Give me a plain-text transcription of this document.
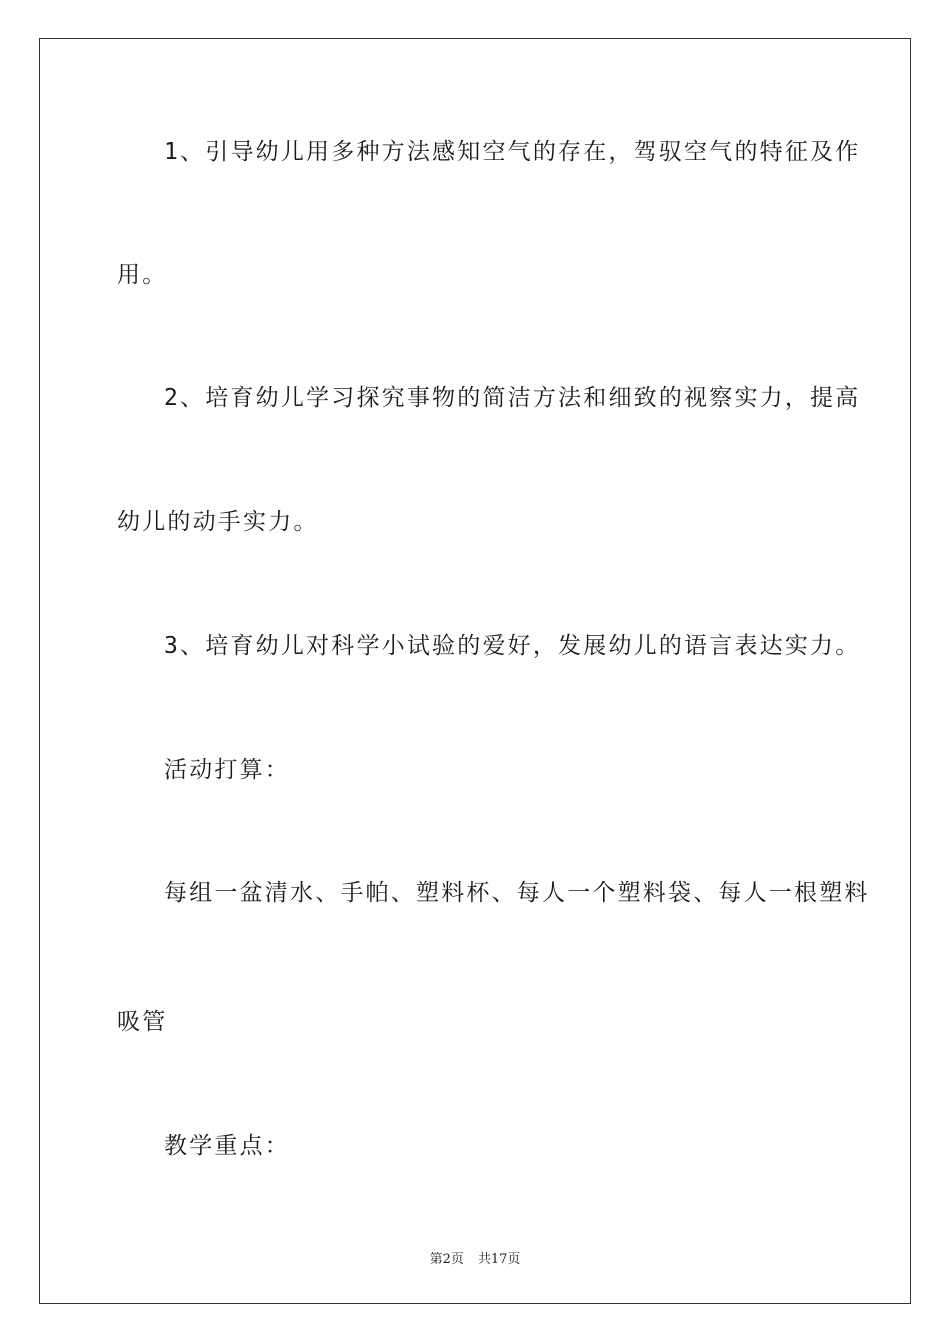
1、引导幼儿用多种方法感知空气的存在，驾驭空气的特征及作

用。

2、培育幼儿学习探究事物的简洁方法和细致的视察实力，提高

幼儿的动手实力。

3、培育幼儿对科学小试验的爱好，发展幼儿的语言表达实力。

活动打算：

每组一盆清水、手帕、塑料杯、每人一个塑料袋、每人一根塑料

吸管

教学重点：

第2页 共17页
